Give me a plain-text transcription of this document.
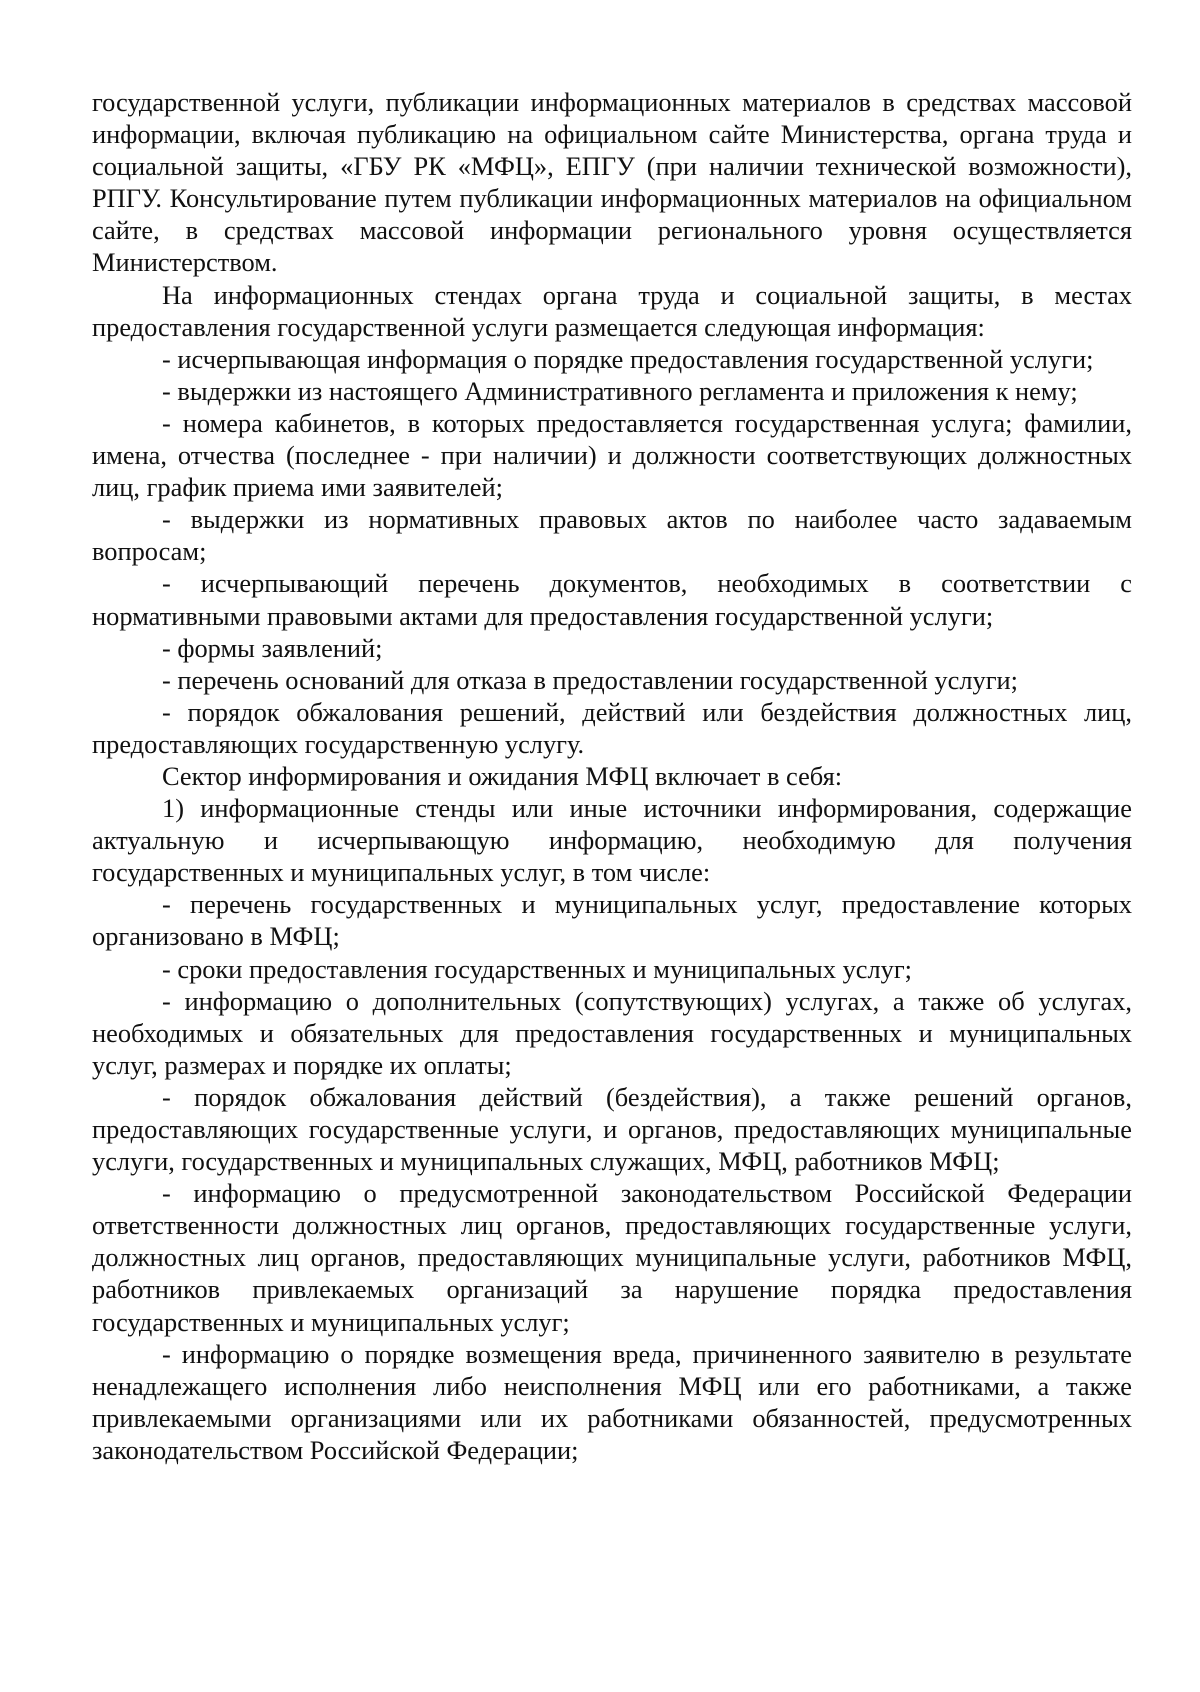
государственной услуги, публикации информационных материалов в средствах массовой информации, включая публикацию на официальном сайте Министерства, органа труда и социальной защиты, «ГБУ РК «МФЦ», ЕПГУ (при наличии технической возможности), РПГУ. Консультирование путем публикации информационных материалов на официальном сайте, в средствах массовой информации регионального уровня осуществляется Министерством.

На информационных стендах органа труда и социальной защиты, в местах предоставления государственной услуги размещается следующая информация:

- исчерпывающая информация о порядке предоставления государственной услуги;

- выдержки из настоящего Административного регламента и приложения к нему;

- номера кабинетов, в которых предоставляется государственная услуга; фамилии, имена, отчества (последнее - при наличии) и должности соответствующих должностных лиц, график приема ими заявителей;

- выдержки из нормативных правовых актов по наиболее часто задаваемым вопросам;

- исчерпывающий перечень документов, необходимых в соответствии с нормативными правовыми актами для предоставления государственной услуги;

- формы заявлений;

- перечень оснований для отказа в предоставлении государственной услуги;

- порядок обжалования решений, действий или бездействия должностных лиц, предоставляющих государственную услугу.

Сектор информирования и ожидания МФЦ включает в себя:

1) информационные стенды или иные источники информирования, содержащие актуальную и исчерпывающую информацию, необходимую для получения государственных и муниципальных услуг, в том числе:

- перечень государственных и муниципальных услуг, предоставление которых организовано в МФЦ;

- сроки предоставления государственных и муниципальных услуг;

- информацию о дополнительных (сопутствующих) услугах, а также об услугах, необходимых и обязательных для предоставления государственных и муниципальных услуг, размерах и порядке их оплаты;

- порядок обжалования действий (бездействия), а также решений органов, предоставляющих государственные услуги, и органов, предоставляющих муниципальные услуги, государственных и муниципальных служащих, МФЦ, работников МФЦ;

- информацию о предусмотренной законодательством Российской Федерации ответственности должностных лиц органов, предоставляющих государственные услуги, должностных лиц органов, предоставляющих муниципальные услуги, работников МФЦ, работников привлекаемых организаций за нарушение порядка предоставления государственных и муниципальных услуг;

- информацию о порядке возмещения вреда, причиненного заявителю в результате ненадлежащего исполнения либо неисполнения МФЦ или его работниками, а также привлекаемыми организациями или их работниками обязанностей, предусмотренных законодательством Российской Федерации;
